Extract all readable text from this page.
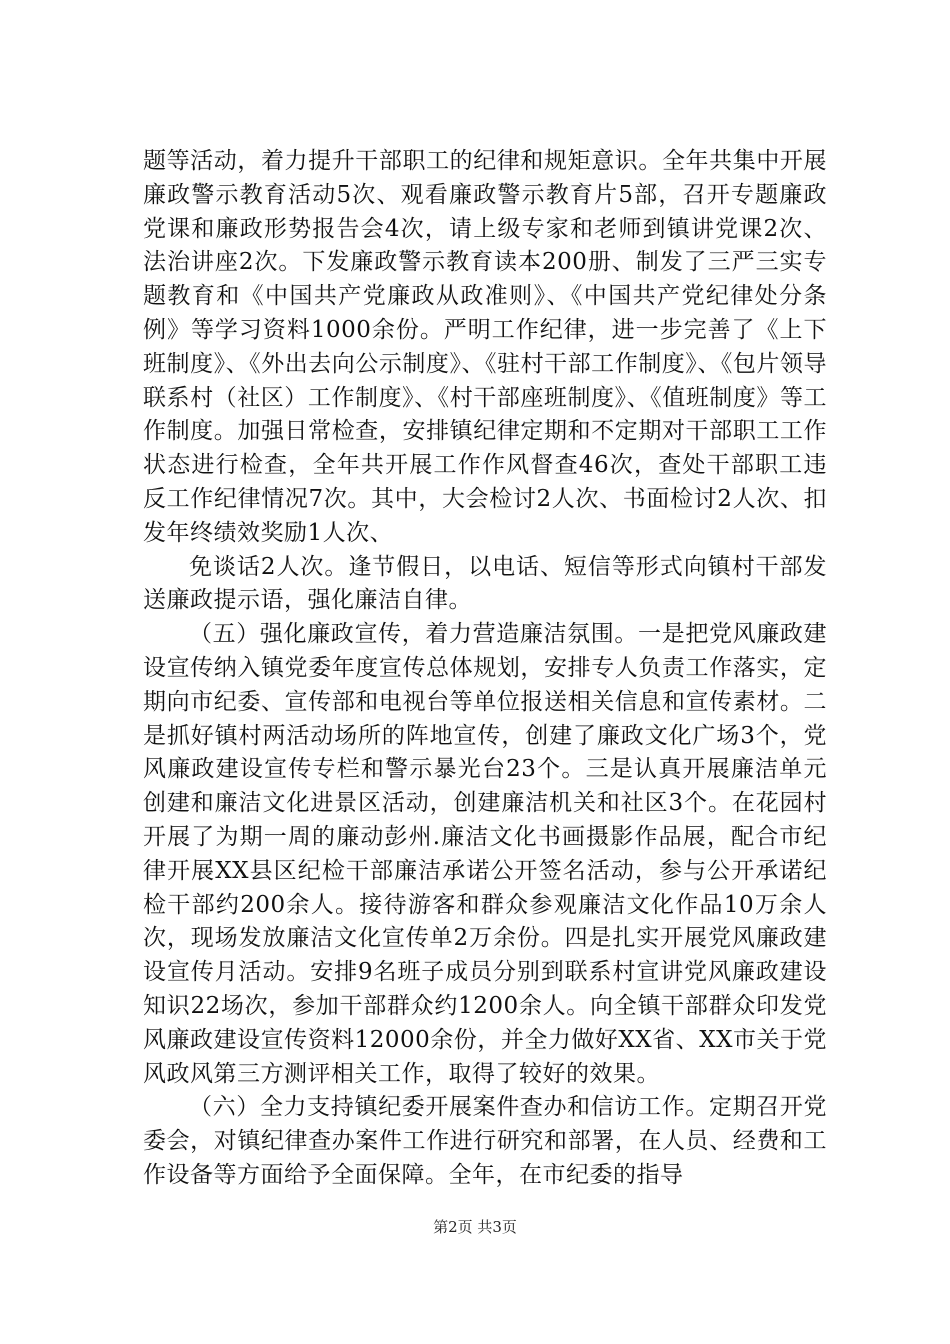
题等活动，着力提升干部职工的纪律和规矩意识。全年共集中开展廉政警示教育活动5次、观看廉政警示教育片5部，召开专题廉政党课和廉政形势报告会4次，请上级专家和老师到镇讲党课2次、法治讲座2次。下发廉政警示教育读本200册、制发了三严三实专题教育和《中国共产党廉政从政准则》、《中国共产党纪律处分条例》等学习资料1000余份。严明工作纪律，进一步完善了《上下班制度》、《外出去向公示制度》、《驻村干部工作制度》、《包片领导联系村（社区）工作制度》、《村干部座班制度》、《值班制度》等工作制度。加强日常检查，安排镇纪律定期和不定期对干部职工工作状态进行检查，全年共开展工作作风督查46次，查处干部职工违反工作纪律情况7次。其中，大会检讨2人次、书面检讨2人次、扣发年终绩效奖励1人次、

免谈话2人次。逢节假日，以电话、短信等形式向镇村干部发送廉政提示语，强化廉洁自律。

（五）强化廉政宣传，着力营造廉洁氛围。一是把党风廉政建设宣传纳入镇党委年度宣传总体规划，安排专人负责工作落实，定期向市纪委、宣传部和电视台等单位报送相关信息和宣传素材。二是抓好镇村两活动场所的阵地宣传，创建了廉政文化广场3个，党风廉政建设宣传专栏和警示暴光台23个。三是认真开展廉洁单元创建和廉洁文化进景区活动，创建廉洁机关和社区3个。在花园村开展了为期一周的廉动彭州.廉洁文化书画摄影作品展，配合市纪律开展XX县区纪检干部廉洁承诺公开签名活动，参与公开承诺纪检干部约200余人。接待游客和群众参观廉洁文化作品10万余人次，现场发放廉洁文化宣传单2万余份。四是扎实开展党风廉政建设宣传月活动。安排9名班子成员分别到联系村宣讲党风廉政建设知识22场次，参加干部群众约1200余人。向全镇干部群众印发党风廉政建设宣传资料12000余份，并全力做好XX省、XX市关于党风政风第三方测评相关工作，取得了较好的效果。

（六）全力支持镇纪委开展案件查办和信访工作。定期召开党委会，对镇纪律查办案件工作进行研究和部署，在人员、经费和工作设备等方面给予全面保障。全年，在市纪委的指导

第2页 共3页
